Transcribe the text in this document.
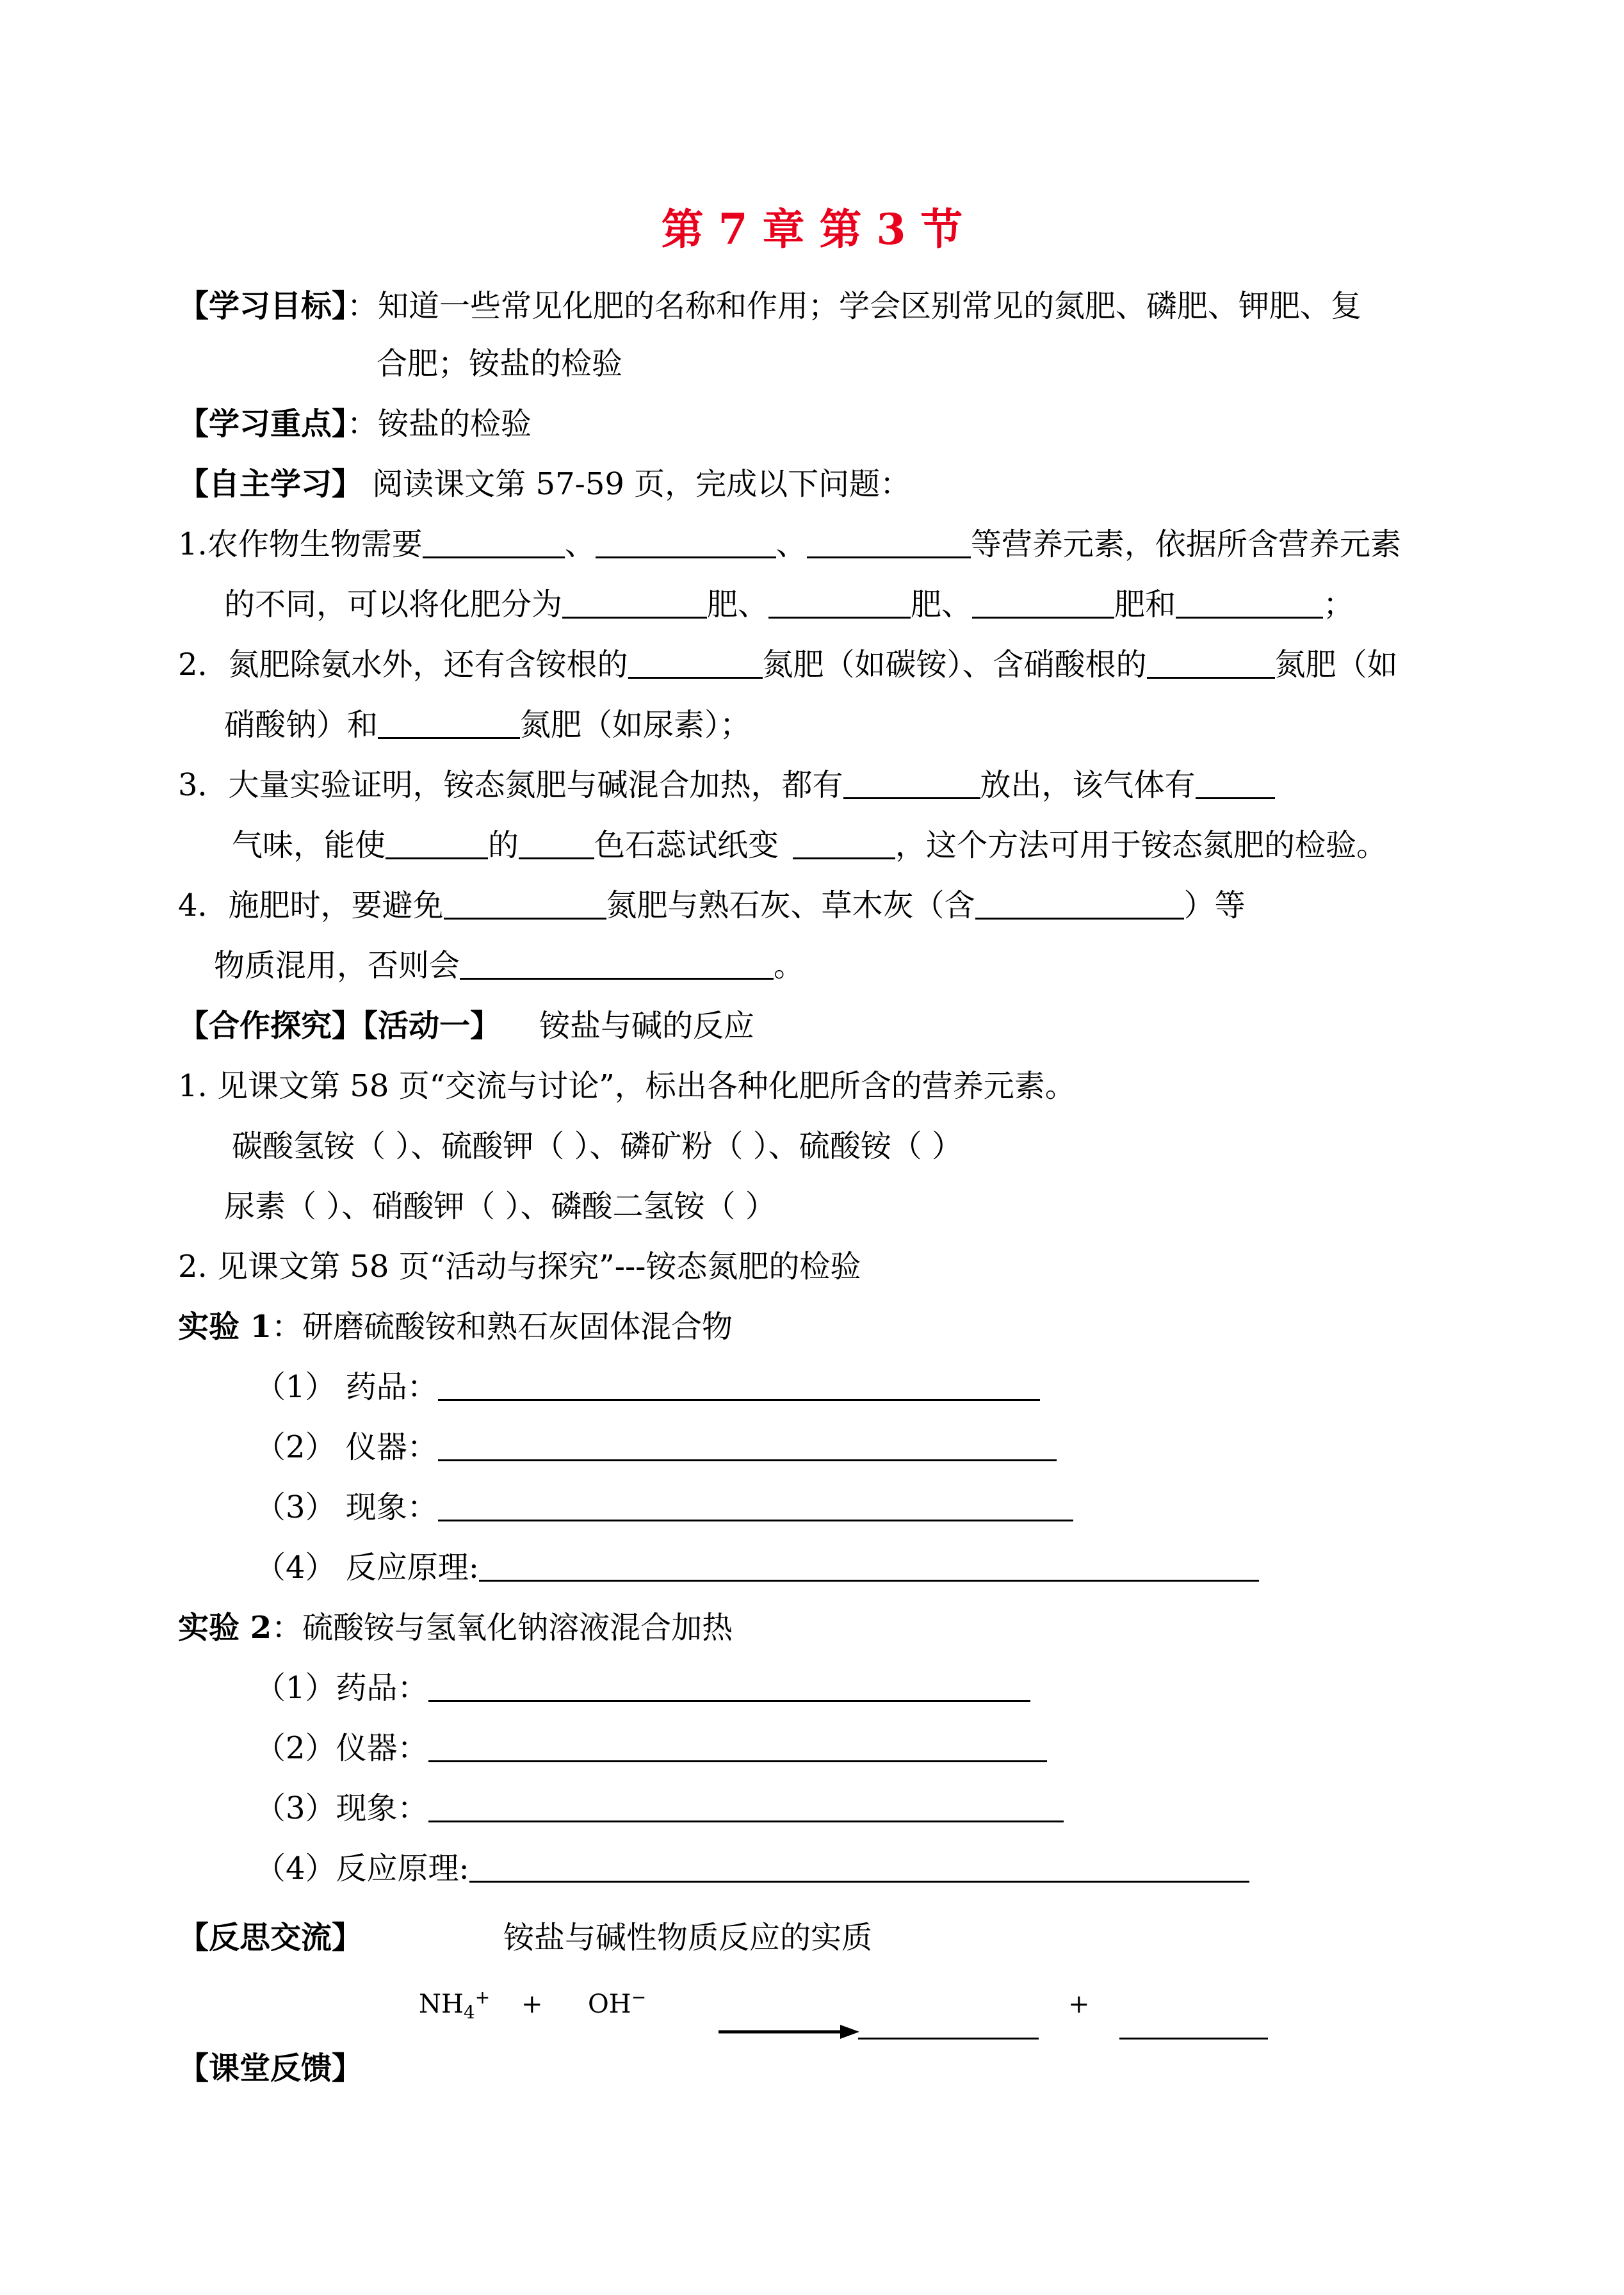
第 7 章 第 3 节
【学习目标】：知道一些常见化肥的名称和作用；学会区别常见的氮肥、磷肥、钾肥、复
合肥；铵盐的检验
【学习重点】：铵盐的检验
【自主学习】 阅读课文第 57-59 页，完成以下问题：
1.农作物生物需要	、	、	等营养元素，依据所含营养元素
的不同，可以将化肥分为	肥、	肥、	肥和	；
2．氮肥除氨水外，还有含铵根的	氮肥（如碳铵）、含硝酸根的	氮肥（如
硝酸钠）和	氮肥（如尿素）；
3．大量实验证明，铵态氮肥与碱混合加热，都有	放出，该气体有
气味，能使	的 色石蕊试纸变	，这个方法可用于铵态氮肥的检验。
4．施肥时，要避免	氮肥与熟石灰、草木灰（含	）等
物质混用，否则会	。
【合作探究】【活动一】 铵盐与碱的反应
1. 见课文第 58 页“交流与讨论”，标出各种化肥所含的营养元素。
碳酸氢铵（ ）、硫酸钾（ ）、磷矿粉（ ）、硫酸铵（ ）
尿素（ ）、硝酸钾（ ）、磷酸二氢铵（ ）
2. 见课文第 58 页“活动与探究”---铵态氮肥的检验
实验 1：研磨硫酸铵和熟石灰固体混合物
（1） 药品：
（2） 仪器：
（3） 现象：
（4） 反应原理:
实验 2：硫酸铵与氢氧化钠溶液混合加热
（1）药品：
（2）仪器：
（3）现象：
（4）反应原理:
【反思交流】	铵盐与碱性物质反应的实质
$NH_4^+ + OH^-$	+
【课堂反馈】
